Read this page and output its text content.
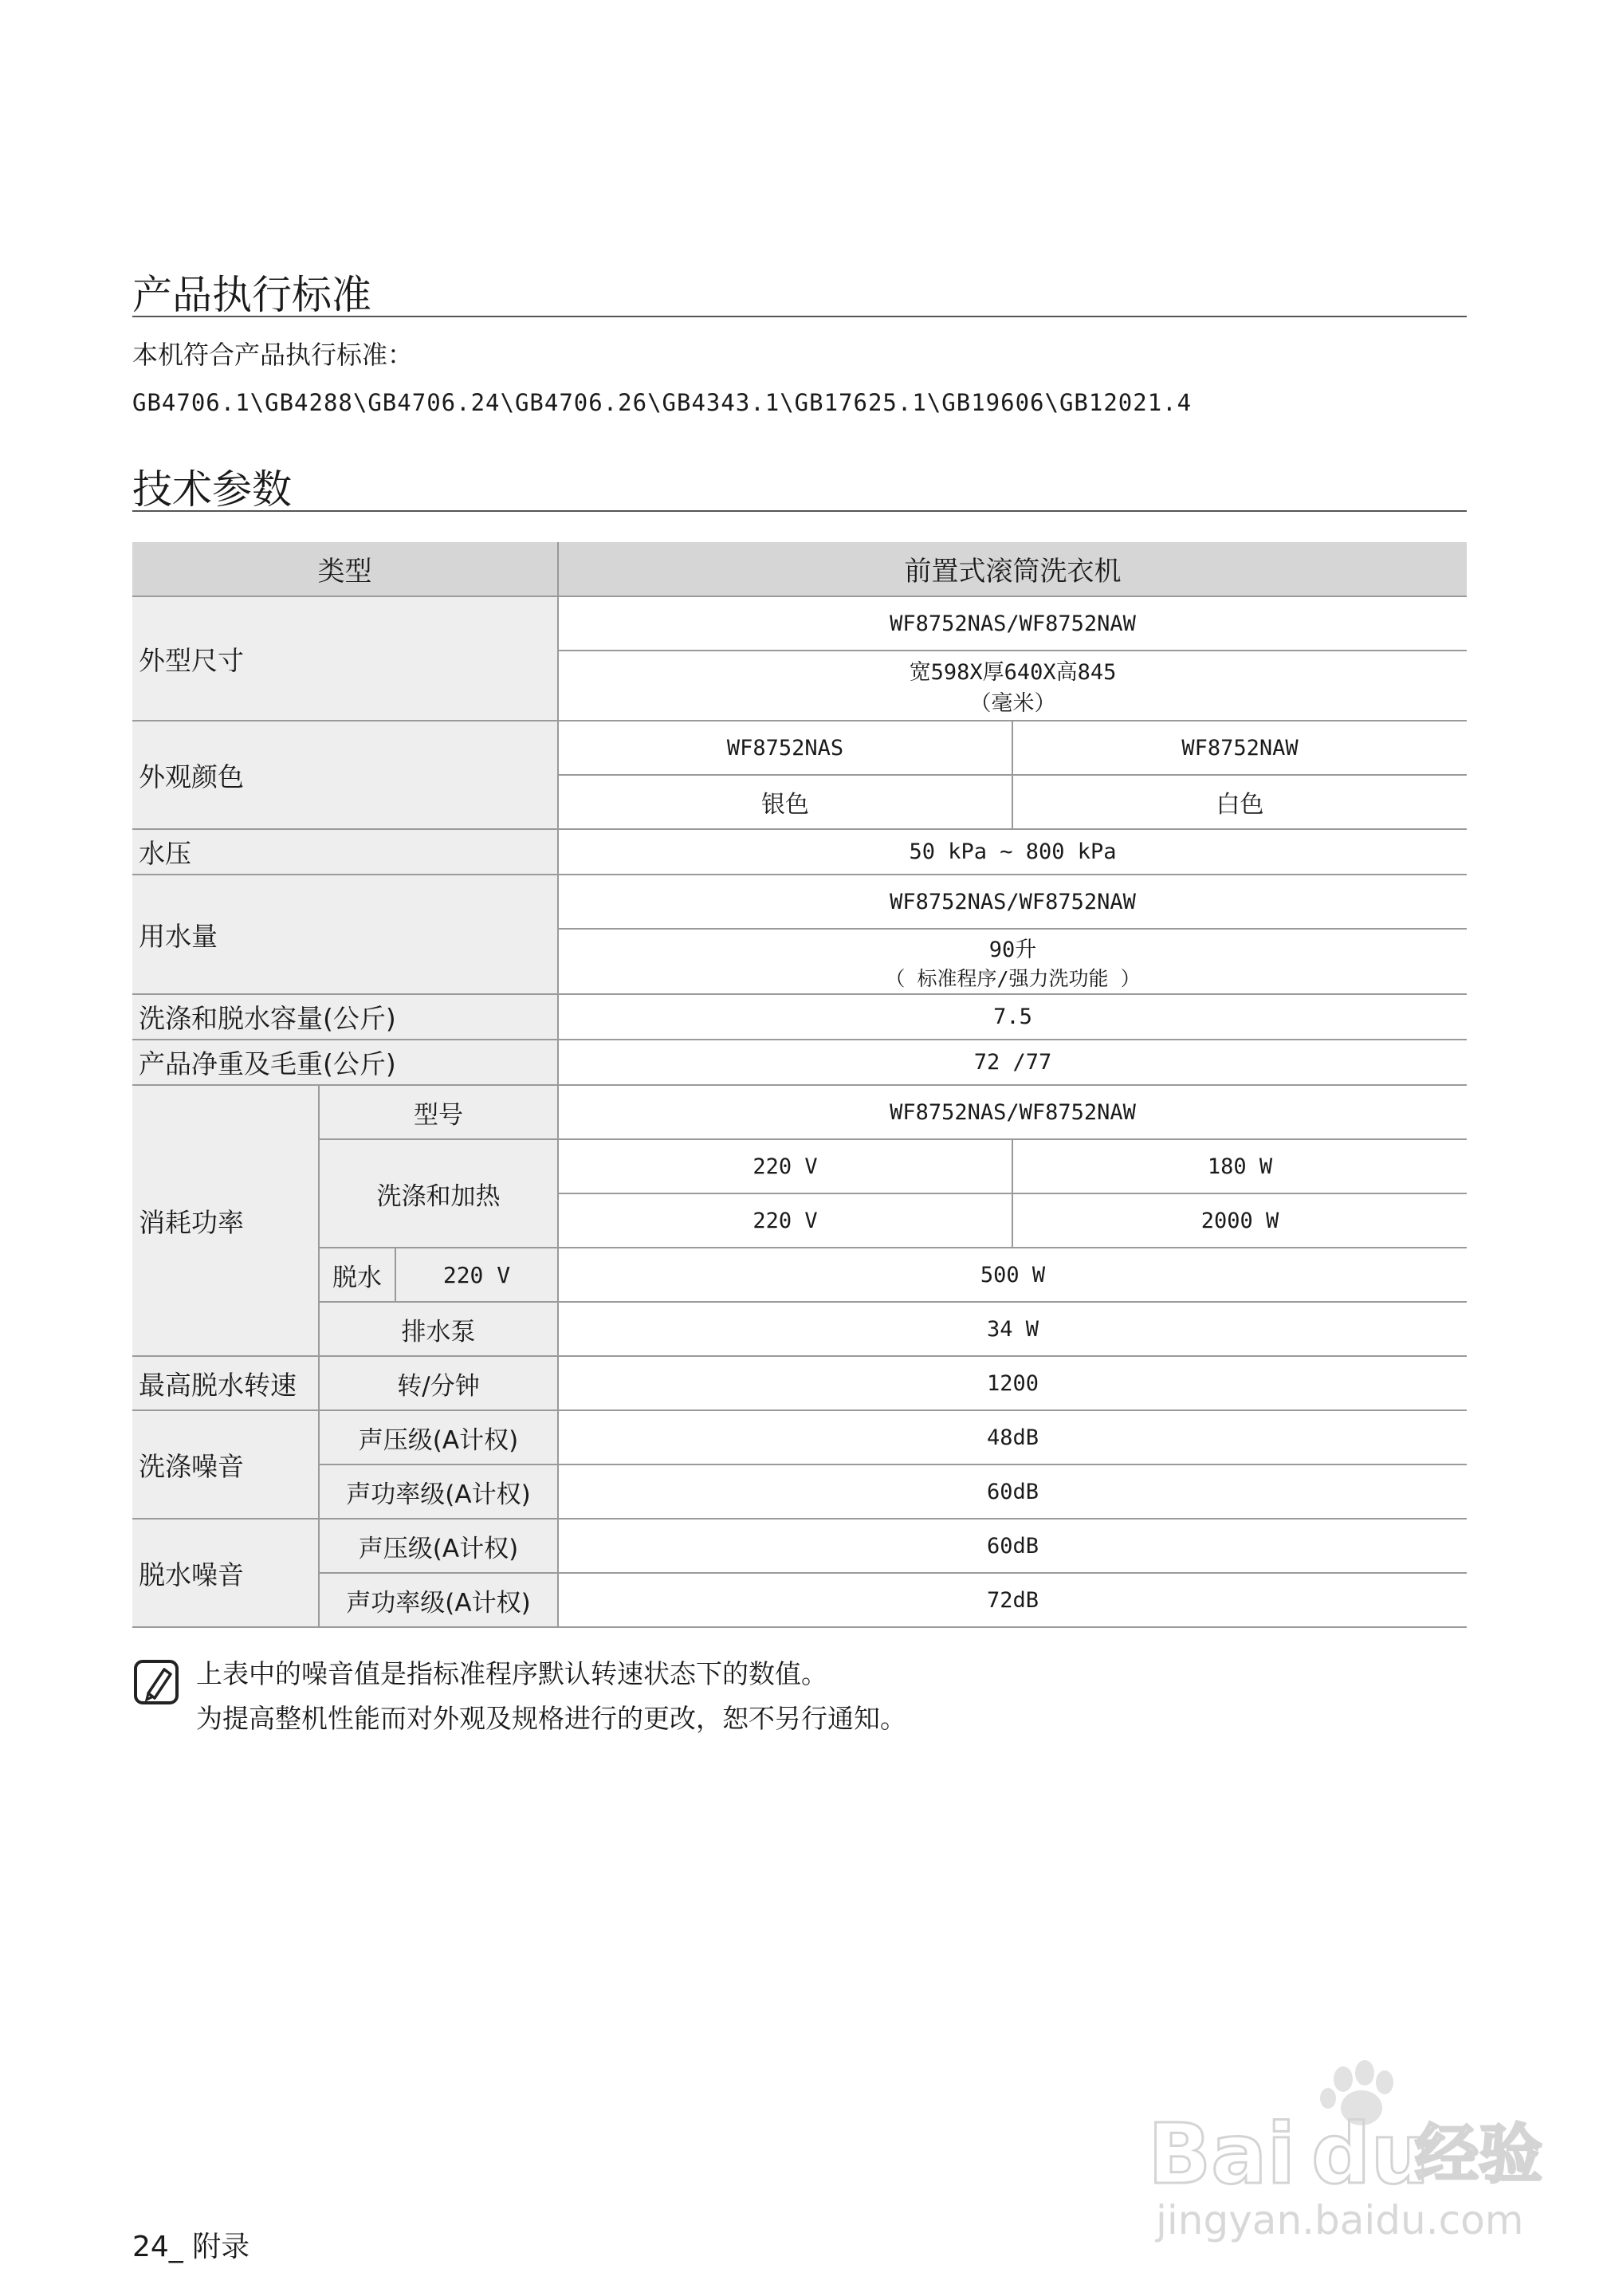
产品执行标准

本机符合产品执行标准：

GB4706.1\GB4288\GB4706.24\GB4706.26\GB4343.1\GB17625.1\GB19606\GB12021.4

技术参数
类型			前置式滚筒洗衣机	
外型尺寸			WF8752NAS/WF8752NAW	

			宽598X厚640X高845
（毫米）	

外观颜色			WF8752NAS	WF8752NAW
			银色	白色
水压			50 kPa ~ 800 kPa	
用水量			WF8752NAS/WF8752NAW	

			90升
（ 标准程序/强力洗功能 ）	

洗涤和脱水容量(公斤)			7.5	
产品净重及毛重(公斤)			72 /77	
消耗功率	型号		WF8752NAS/WF8752NAW	
	洗涤和加热		220 V	180 W
			220 V	2000 W
	脱水	220 V	500 W	
	排水泵		34 W	
最高脱水转速	转/分钟		1200	
洗涤噪音	声压级(A计权)		48dB	
	声功率级(A计权)		60dB	
脱水噪音	声压级(A计权)		60dB	
	声功率级(A计权)		72dB	
上表中的噪音值是指标准程序默认转速状态下的数值。
为提高整机性能而对外观及规格进行的更改，恕不另行通知。
24_ 附录
Bai du
经验
jingyan.baidu.com
